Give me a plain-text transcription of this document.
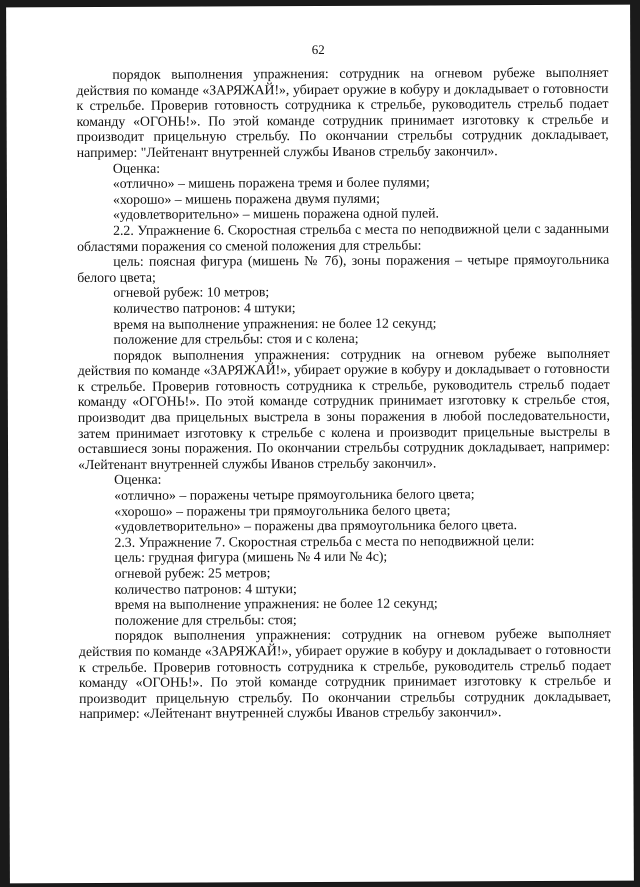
62

порядок выполнения упражнения: сотрудник на огневом рубеже выполняет действия по команде «ЗАРЯЖАЙ!», убирает оружие в кобуру и докладывает о готовности к стрельбе. Проверив готовность сотрудника к стрельбе, руководитель стрельб подает команду «ОГОНЬ!». По этой команде сотрудник принимает изготовку к стрельбе и производит прицельную стрельбу. По окончании стрельбы сотрудник докладывает, например: "Лейтенант внутренней службы Иванов стрельбу закончил».

Оценка:

«отлично» – мишень поражена тремя и более пулями;

«хорошо» – мишень поражена двумя пулями;

«удовлетворительно» – мишень поражена одной пулей.

2.2. Упражнение 6. Скоростная стрельба с места по неподвижной цели с заданными областями поражения со сменой положения для стрельбы:

цель: поясная фигура (мишень № 7б), зоны поражения – четыре прямоугольника белого цвета;

огневой рубеж: 10 метров;

количество патронов: 4 штуки;

время на выполнение упражнения: не более 12 секунд;

положение для стрельбы: стоя и с колена;

порядок выполнения упражнения: сотрудник на огневом рубеже выполняет действия по команде «ЗАРЯЖАЙ!», убирает оружие в кобуру и докладывает о готовности к стрельбе. Проверив готовность сотрудника к стрельбе, руководитель стрельб подает команду «ОГОНЬ!». По этой команде сотрудник принимает изготовку к стрельбе стоя, производит два прицельных выстрела в зоны поражения в любой последовательности, затем принимает изготовку к стрельбе с колена и производит прицельные выстрелы в оставшиеся зоны поражения. По окончании стрельбы сотрудник докладывает, например: «Лейтенант внутренней службы Иванов стрельбу закончил».

Оценка:

«отлично» – поражены четыре прямоугольника белого цвета;

«хорошо» – поражены три прямоугольника белого цвета;

«удовлетворительно» – поражены два прямоугольника белого цвета.

2.3. Упражнение 7. Скоростная стрельба с места по неподвижной цели:

цель: грудная фигура (мишень № 4 или № 4с);

огневой рубеж: 25 метров;

количество патронов: 4 штуки;

время на выполнение упражнения: не более 12 секунд;

положение для стрельбы: стоя;

порядок выполнения упражнения: сотрудник на огневом рубеже выполняет действия по команде «ЗАРЯЖАЙ!», убирает оружие в кобуру и докладывает о готовности к стрельбе. Проверив готовность сотрудника к стрельбе, руководитель стрельб подает команду «ОГОНЬ!». По этой команде сотрудник принимает изготовку к стрельбе и производит прицельную стрельбу. По окончании стрельбы сотрудник докладывает, например: «Лейтенант внутренней службы Иванов стрельбу закончил».
